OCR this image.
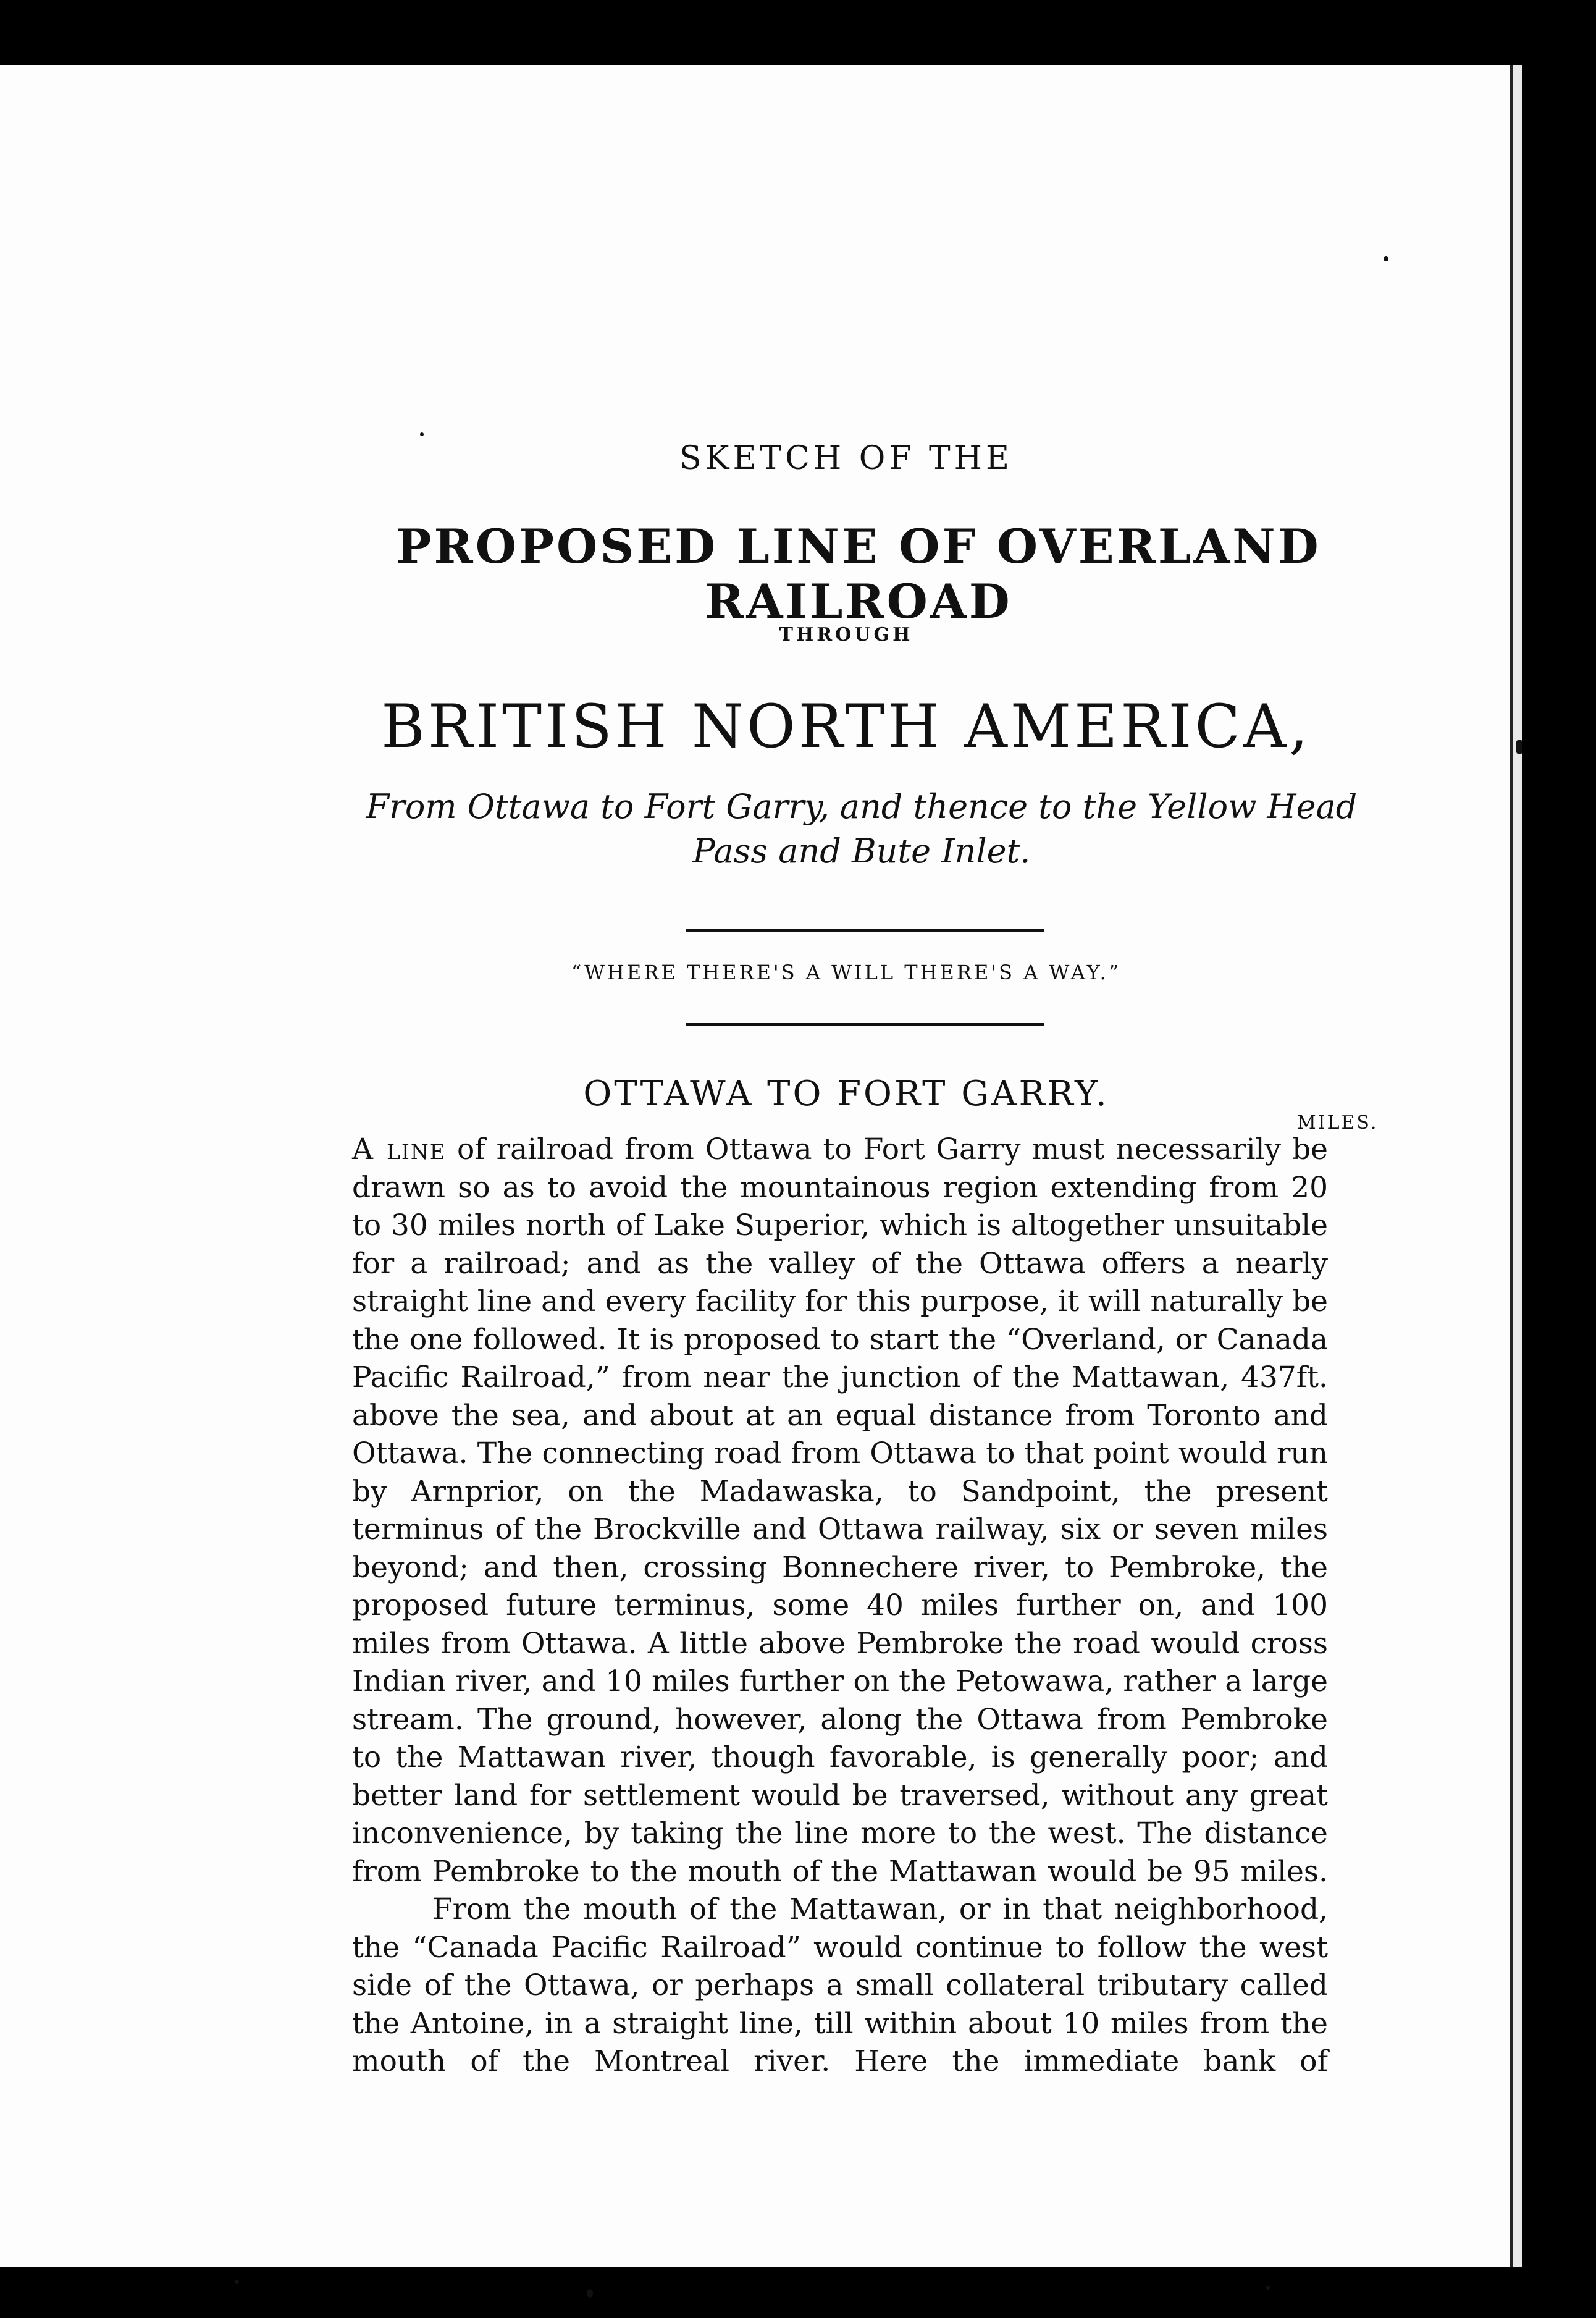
SKETCH OF THE
PROPOSED LINE OF OVERLAND RAILROAD
THROUGH
BRITISH NORTH AMERICA,
From Ottawa to Fort Garry, and thence to the Yellow Head Pass and Bute Inlet.
“WHERE THERE'S A WILL THERE'S A WAY.”
OTTAWA TO FORT GARRY.
MILES.

A line of railroad from Ottawa to Fort Garry must necessarily be drawn so as to avoid the mountainous region extending from 20 to 30 miles north of Lake Superior, which is altogether unsuitable for a railroad; and as the valley of the Ottawa offers a nearly straight line and every facility for this purpose, it will naturally be the one followed. It is proposed to start the “Overland, or Canada Pacific Railroad,” from near the junction of the Mattawan, 437ft. above the sea, and about at an equal distance from Toronto and Ottawa. The connecting road from Ottawa to that point would run by Arnprior, on the Madawaska, to Sandpoint, the present terminus of the Brockville and Ottawa railway, six or seven miles beyond; and then, crossing Bonnechere river, to Pembroke, the proposed future terminus, some 40 miles further on, and 100 miles from Ottawa. A little above Pembroke the road would cross Indian river, and 10 miles further on the Petowawa, rather a large stream. The ground, however, along the Ottawa from Pembroke to the Mattawan river, though favorable, is generally poor; and better land for settlement would be traversed, without any great inconvenience, by taking the line more to the west. The distance from Pembroke to the mouth of the Mattawan would be 95 miles.

From the mouth of the Mattawan, or in that neighborhood, the “Canada Pacific Railroad” would continue to follow the west side of the Ottawa, or perhaps a small collateral tributary called the Antoine, in a straight line, till within about 10 miles from the mouth of the Montreal river. Here the immediate bank of
